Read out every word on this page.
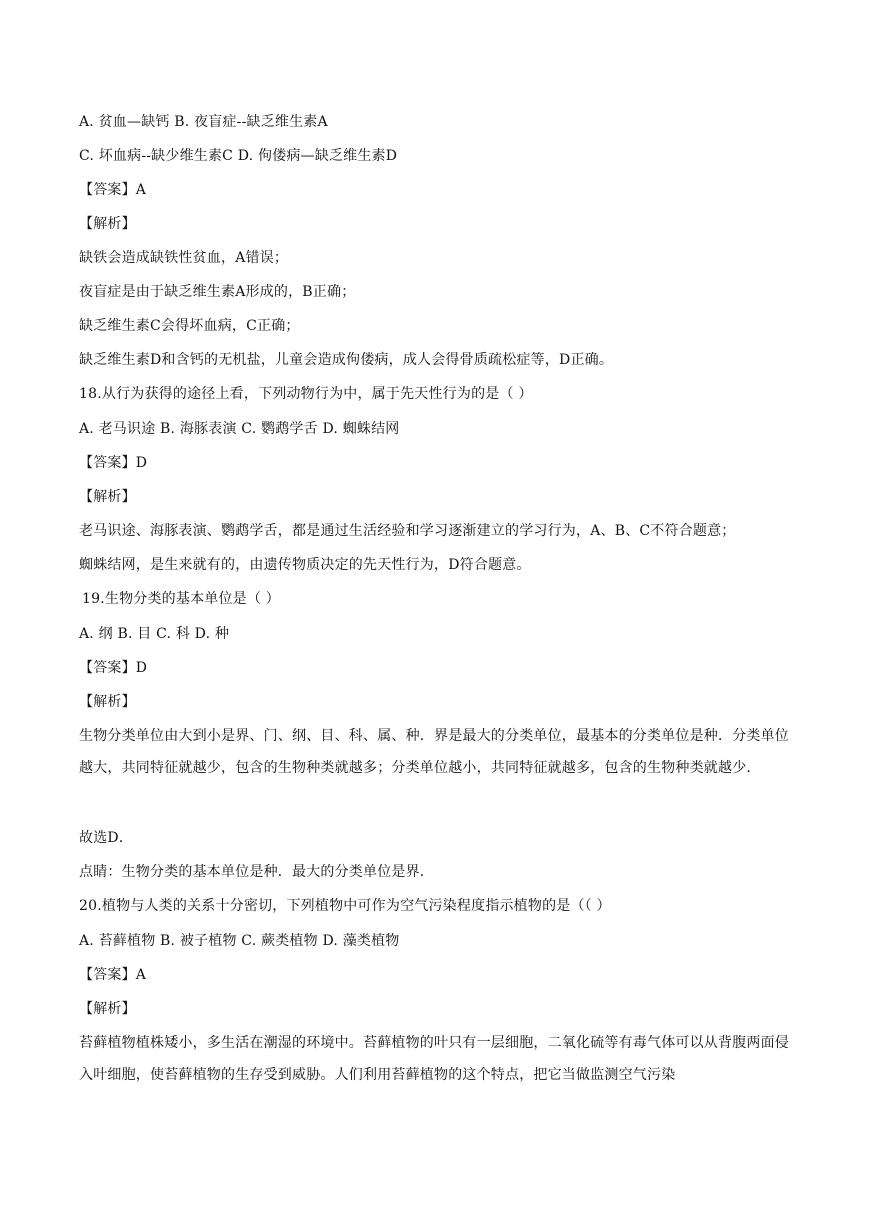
A. 贫血—缺钙 B. 夜盲症--缺乏维生素A
C. 坏血病--缺少维生素C D. 佝偻病—缺乏维生素D
【答案】A
【解析】
缺铁会造成缺铁性贫血，A错误；
夜盲症是由于缺乏维生素A形成的，B正确；
缺乏维生素C会得坏血病，C正确；
缺乏维生素D和含钙的无机盐，儿童会造成佝偻病，成人会得骨质疏松症等，D正确。
18.从行为获得的途径上看，下列动物行为中，属于先天性行为的是（ ）
A. 老马识途 B. 海豚表演 C. 鹦鹉学舌 D. 蜘蛛结网
【答案】D
【解析】
老马识途、海豚表演、鹦鹉学舌，都是通过生活经验和学习逐渐建立的学习行为，A、B、C不符合题意；
蜘蛛结网，是生来就有的，由遗传物质决定的先天性行为，D符合题意。
19.生物分类的基本单位是（ ）
A. 纲 B. 目 C. 科 D. 种
【答案】D
【解析】
生物分类单位由大到小是界、门、纲、目、科、属、种．界是最大的分类单位，最基本的分类单位是种．分类单位越大，共同特征就越少，包含的生物种类就越多；分类单位越小，共同特征就越多，包含的生物种类就越少．
故选D．
点睛：生物分类的基本单位是种．最大的分类单位是界．
20.植物与人类的关系十分密切，下列植物中可作为空气污染程度指示植物的是（（ ）
A. 苔藓植物 B. 被子植物 C. 蕨类植物 D. 藻类植物
【答案】A
【解析】
苔藓植物植株矮小，多生活在潮湿的环境中。苔藓植物的叶只有一层细胞，二氧化硫等有毒气体可以从背腹两面侵入叶细胞，使苔藓植物的生存受到威胁。人们利用苔藓植物的这个特点，把它当做监测空气污染
